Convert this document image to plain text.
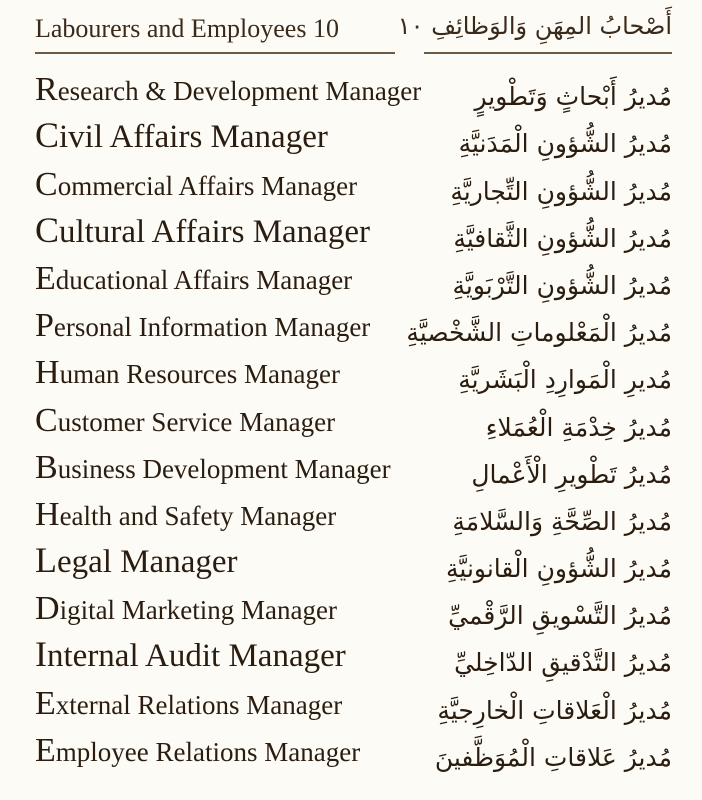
Labourers and Employees 10 أَصْحابُ المِهَنِ وَالوَظائِفِ ١٠
Research & Development Manager مُديرُ أَبْحاثٍ وَتَطْويرٍ
Civil Affairs Manager	مُديرُ الشُّؤونِ الْمَدَنيَّةِ
Commercial Affairs Manager	مُديرُ الشُّؤونِ التِّجاريَّةِ
Cultural Affairs Manager	مُديرُ الشُّؤونِ الثَّقافيَّةِ
Educational Affairs Manager	مُديرُ الشُّؤونِ التَّرْبَويَّةِ
Personal Information Manager مُديرُ الْمَعْلوماتِ الشَّخْصيَّةِ
Human Resources Manager	مُديرِ الْمَوارِدِ الْبَشَريَّةِ
Customer Service Manager	مُديرُ خِدْمَةِ الْعُمَلاءِ
Business Development Manager	مُديرُ تَطْويرِ الْأَعْمالِ
Health and Safety Manager	مُديرُ الصِّحَّةِ وَالسَّلامَةِ
Legal Manager	مُديرُ الشُّؤونِ الْقانونيَّةِ
Digital Marketing Manager	مُديرُ التَّسْويقِ الرَّقْميِّ
Internal Audit Manager	مُديرُ التَّدْقيقِ الدّاخِليِّ
External Relations Manager	مُديرُ الْعَلاقاتِ الْخارِجيَّةِ
Employee Relations Manager	مُديرُ عَلاقاتِ الْمُوَظَّفينَ
